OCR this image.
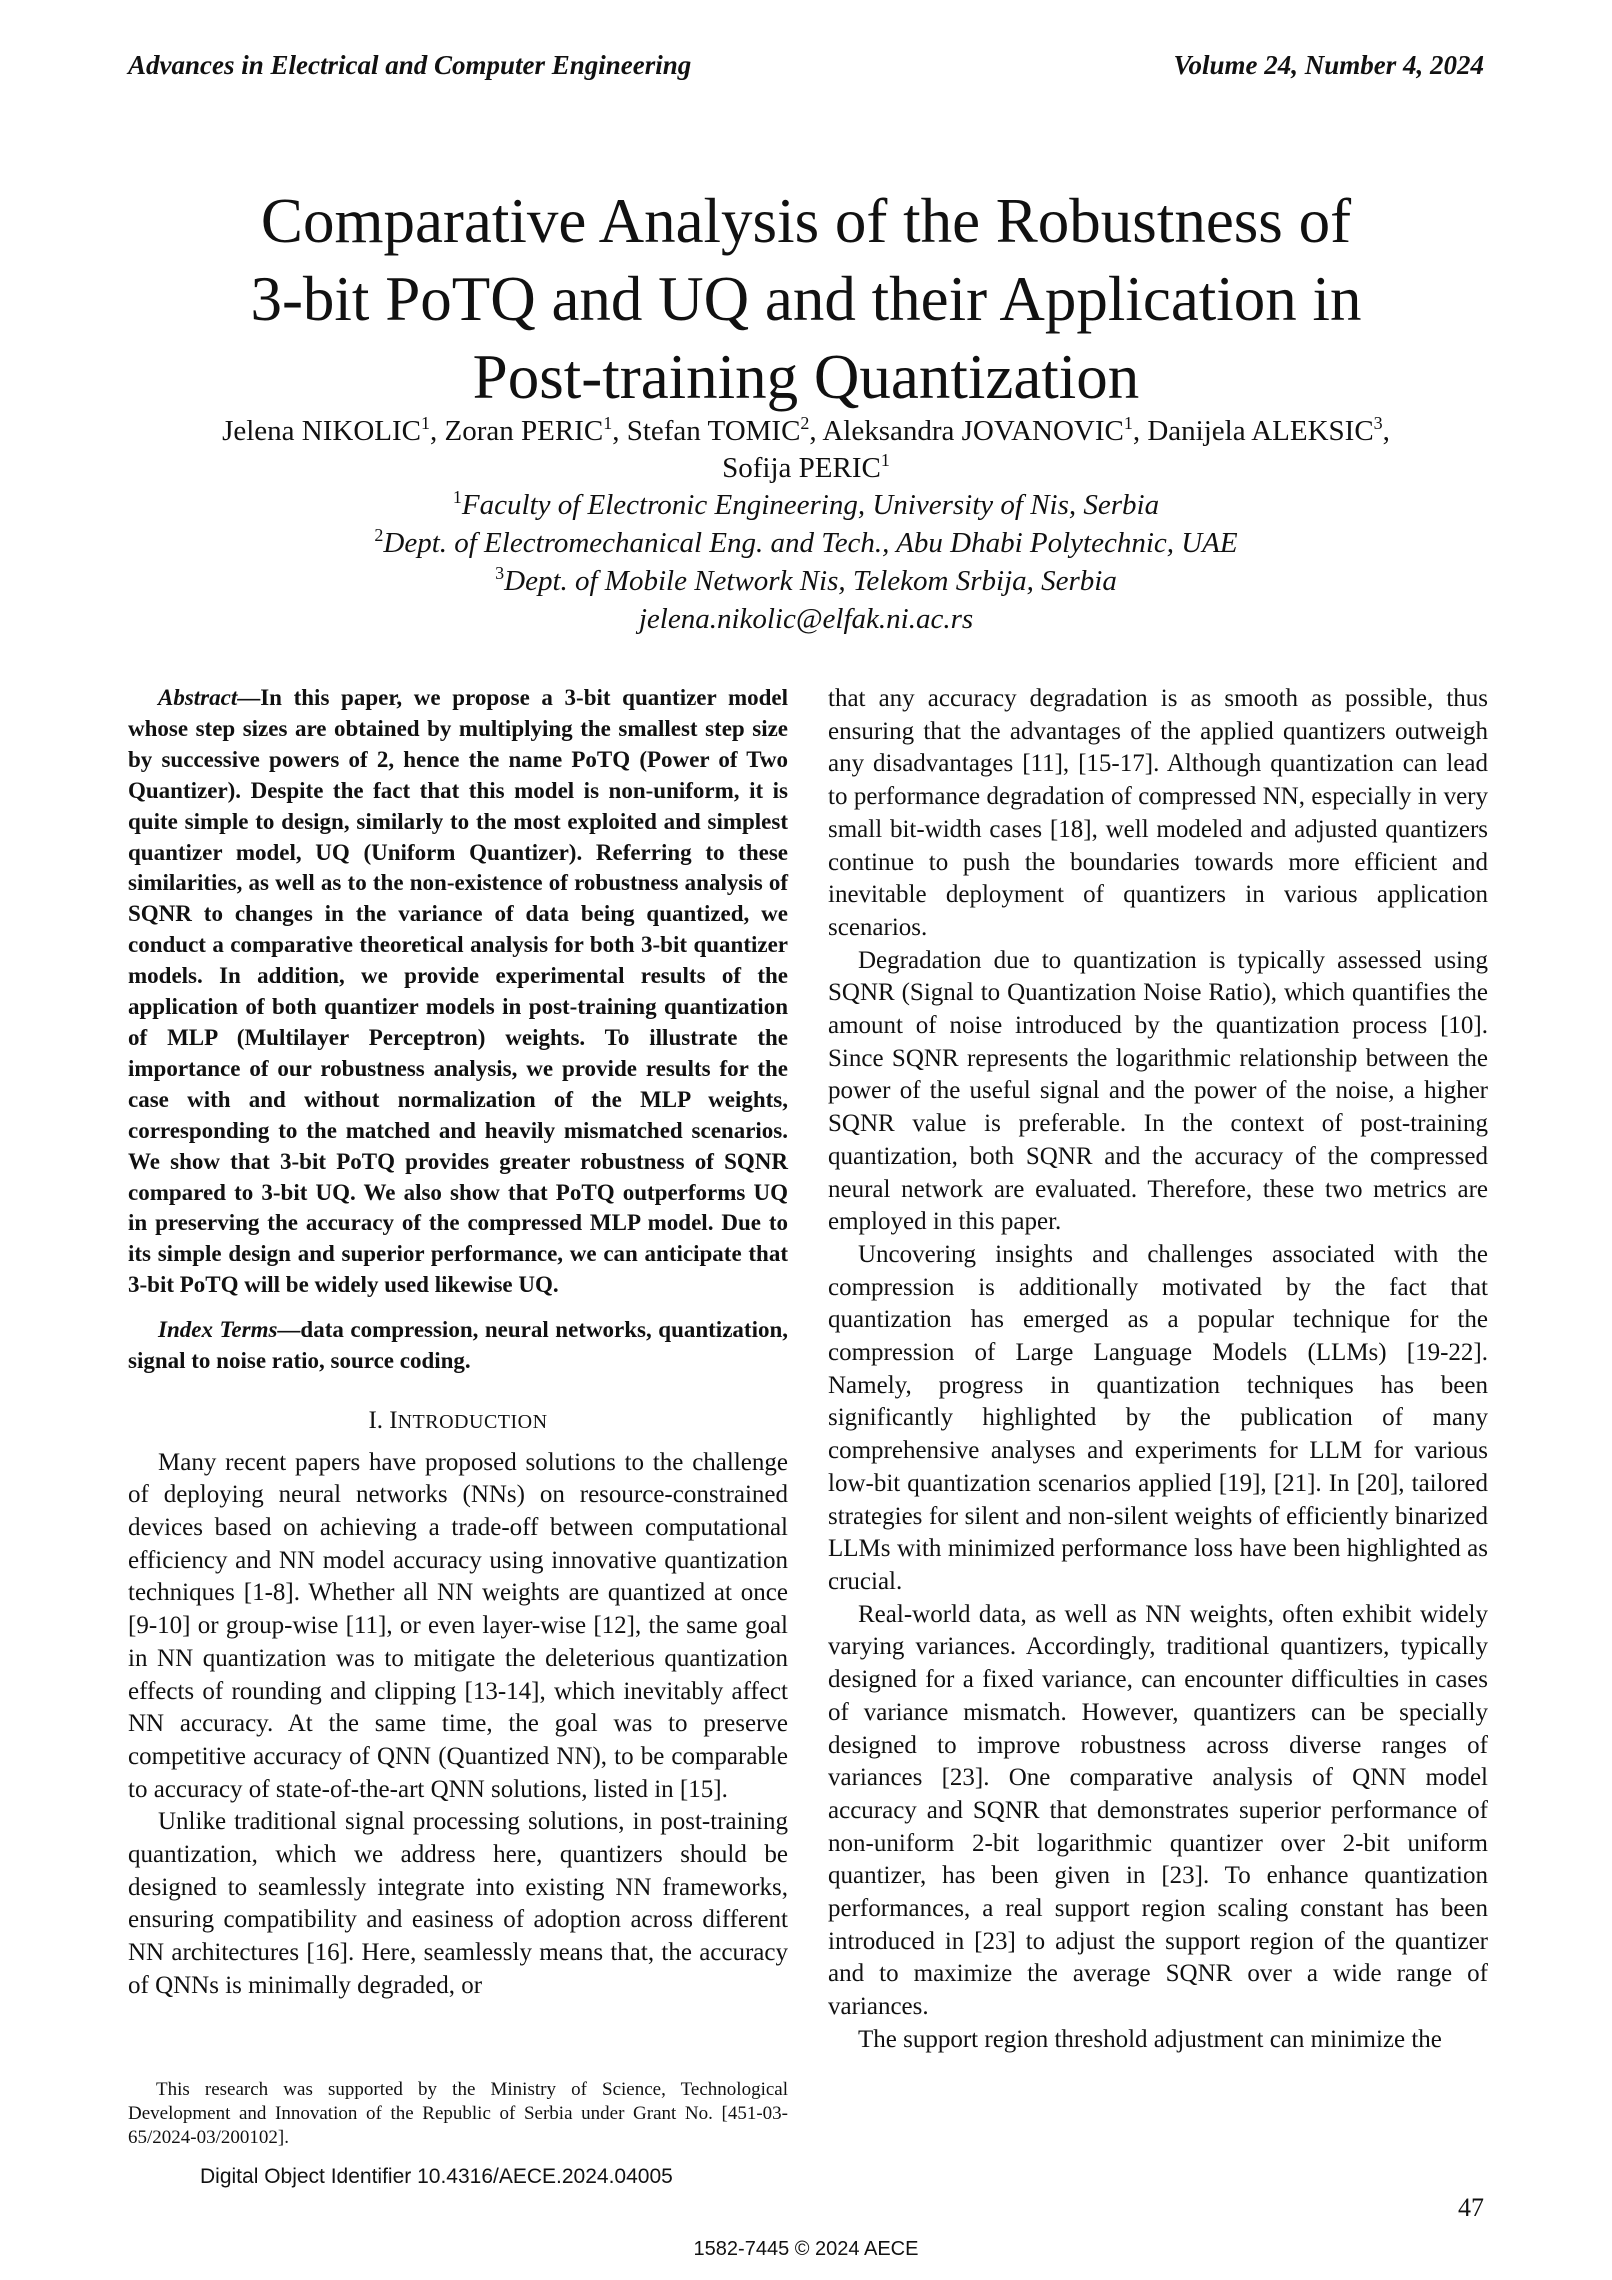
Advances in Electrical and Computer Engineering	Volume 24, Number 4, 2024
Comparative Analysis of the Robustness of
3-bit PoTQ and UQ and their Application in
Post-training Quantization
Jelena NIKOLIC$^1$, Zoran PERIC$^1$, Stefan TOMIC$^2$, Aleksandra JOVANOVIC$^1$, Danijela ALEKSIC$^3$,
Sofija PERIC$^1$
$^1$Faculty of Electronic Engineering, University of Nis, Serbia
$^2$Dept. of Electromechanical Eng. and Tech., Abu Dhabi Polytechnic, UAE
$^3$Dept. of Mobile Network Nis, Telekom Srbija, Serbia
jelena.nikolic@elfak.ni.ac.rs

Abstract—In this paper, we propose a 3-bit quantizer model whose step sizes are obtained by multiplying the smallest step size by successive powers of 2, hence the name PoTQ (Power of Two Quantizer). Despite the fact that this model is non-uniform, it is quite simple to design, similarly to the most exploited and simplest quantizer model, UQ (Uniform Quantizer). Referring to these similarities, as well as to the non-existence of robustness analysis of SQNR to changes in the variance of data being quantized, we conduct a comparative theoretical analysis for both 3-bit quantizer models. In addition, we provide experimental results of the application of both quantizer models in post-training quantization of MLP (Multilayer Perceptron) weights. To illustrate the importance of our robustness analysis, we provide results for the case with and without normalization of the MLP weights, corresponding to the matched and heavily mismatched scenarios. We show that 3-bit PoTQ provides greater robustness of SQNR compared to 3-bit UQ. We also show that PoTQ outperforms UQ in preserving the accuracy of the compressed MLP model. Due to its simple design and superior performance, we can anticipate that 3-bit PoTQ will be widely used likewise UQ.

Index Terms—data compression, neural networks, quantization, signal to noise ratio, source coding.

I. INTRODUCTION

Many recent papers have proposed solutions to the challenge of deploying neural networks (NNs) on resource-constrained devices based on achieving a trade-off between computational efficiency and NN model accuracy using innovative quantization techniques [1-8]. Whether all NN weights are quantized at once [9-10] or group-wise [11], or even layer-wise [12], the same goal in NN quantization was to mitigate the deleterious quantization effects of rounding and clipping [13-14], which inevitably affect NN accuracy. At the same time, the goal was to preserve competitive accuracy of QNN (Quantized NN), to be comparable to accuracy of state-of-the-art QNN solutions, listed in [15].

Unlike traditional signal processing solutions, in post-training quantization, which we address here, quantizers should be designed to seamlessly integrate into existing NN frameworks, ensuring compatibility and easiness of adoption across different NN architectures [16]. Here, seamlessly means that, the accuracy of QNNs is minimally degraded, or

that any accuracy degradation is as smooth as possible, thus ensuring that the advantages of the applied quantizers outweigh any disadvantages [11], [15-17]. Although quantization can lead to performance degradation of compressed NN, especially in very small bit-width cases [18], well modeled and adjusted quantizers continue to push the boundaries towards more efficient and inevitable deployment of quantizers in various application scenarios.

Degradation due to quantization is typically assessed using SQNR (Signal to Quantization Noise Ratio), which quantifies the amount of noise introduced by the quantization process [10]. Since SQNR represents the logarithmic relationship between the power of the useful signal and the power of the noise, a higher SQNR value is preferable. In the context of post-training quantization, both SQNR and the accuracy of the compressed neural network are evaluated. Therefore, these two metrics are employed in this paper.

Uncovering insights and challenges associated with the compression is additionally motivated by the fact that quantization has emerged as a popular technique for the compression of Large Language Models (LLMs) [19-22]. Namely, progress in quantization techniques has been significantly highlighted by the publication of many comprehensive analyses and experiments for LLM for various low-bit quantization scenarios applied [19], [21]. In [20], tailored strategies for silent and non-silent weights of efficiently binarized LLMs with minimized performance loss have been highlighted as crucial.

Real-world data, as well as NN weights, often exhibit widely varying variances. Accordingly, traditional quantizers, typically designed for a fixed variance, can encounter difficulties in cases of variance mismatch. However, quantizers can be specially designed to improve robustness across diverse ranges of variances [23]. One comparative analysis of QNN model accuracy and SQNR that demonstrates superior performance of non-uniform 2-bit logarithmic quantizer over 2-bit uniform quantizer, has been given in [23]. To enhance quantization performances, a real support region scaling constant has been introduced in [23] to adjust the support region of the quantizer and to maximize the average SQNR over a wide range of variances.

The support region threshold adjustment can minimize the

This research was supported by the Ministry of Science, Technological Development and Innovation of the Republic of Serbia under Grant No. [451-03-65/2024-03/200102].
Digital Object Identifier 10.4316/AECE.2024.04005
47
1582-7445 © 2024 AECE
